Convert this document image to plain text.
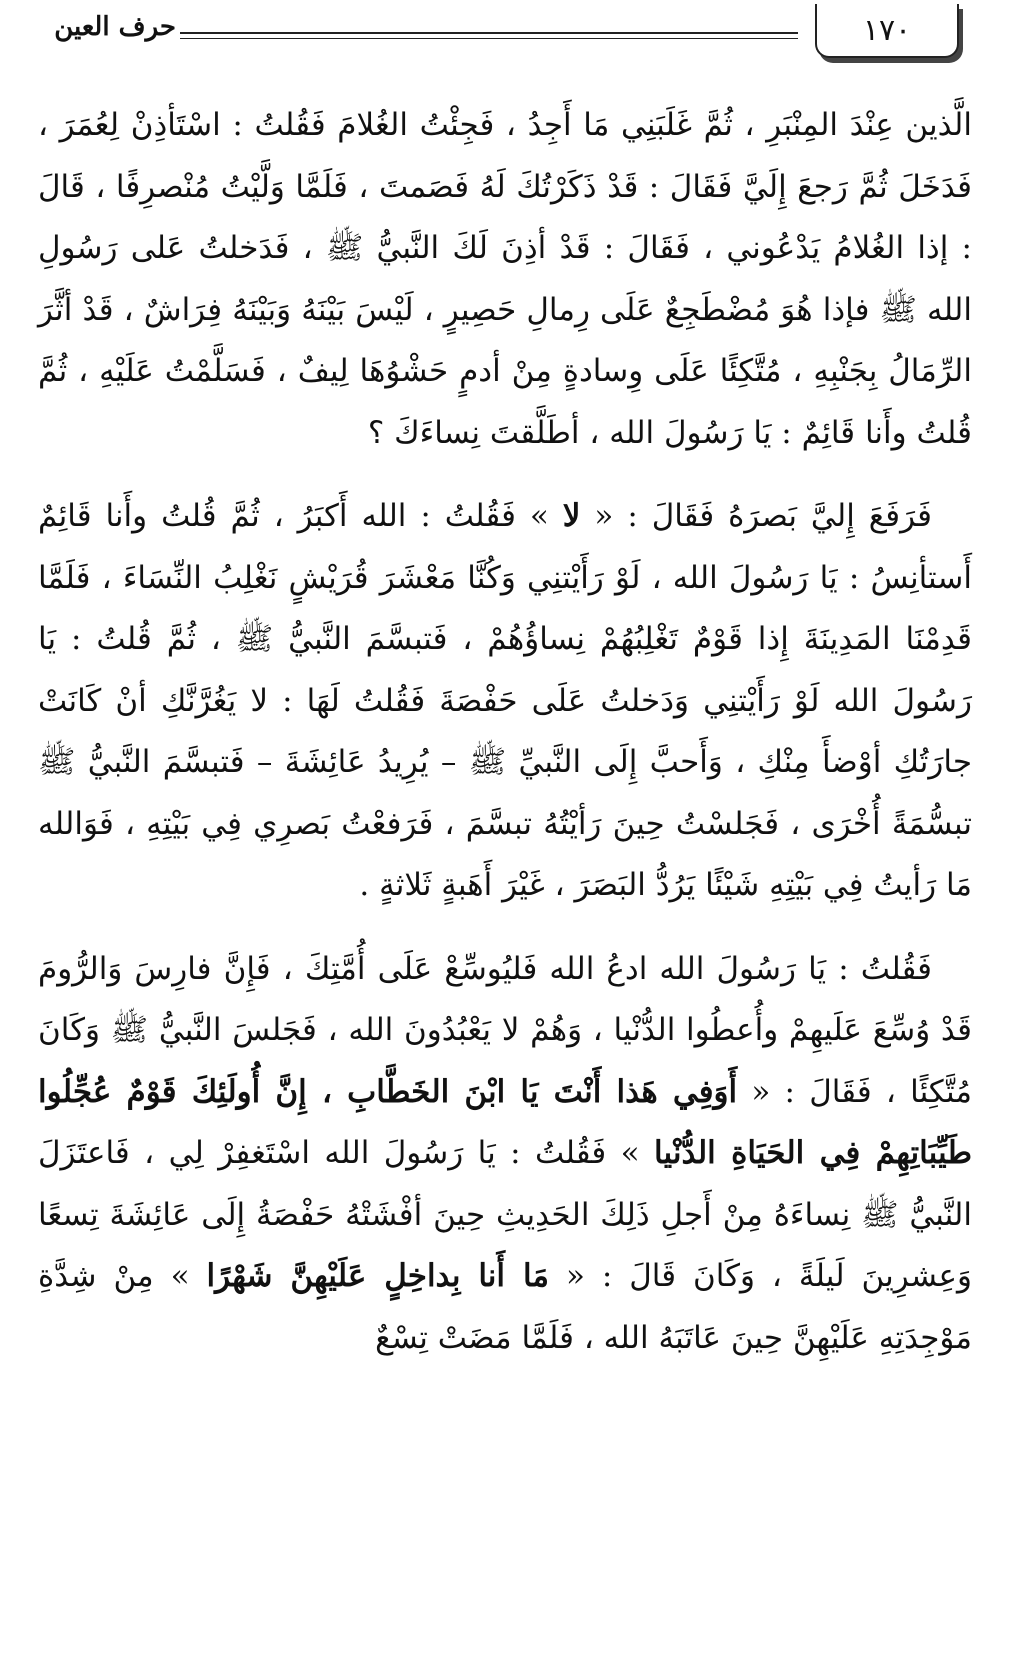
١٧٠
حرف العين

الَّذين عِنْدَ المِنْبَرِ ، ثُمَّ غَلَبَنِي مَا أَجِدُ ، فَجِئْتُ الغُلامَ فَقُلتُ : اسْتَأذِنْ لِعُمَرَ ، فَدَخَلَ ثُمَّ رَجعَ إِلَيَّ فَقَالَ : قَدْ ذَكَرْتُكَ لَهُ فَصَمتَ ، فَلَمَّا وَلَّيْتُ مُنْصرِفًا ، قَالَ : إذا الغُلامُ يَدْعُوني ، فَقَالَ : قَدْ أذِنَ لَكَ النَّبيُّ ﷺ ، فَدَخلتُ عَلى رَسُولِ الله ﷺ فإذا هُوَ مُضْطَجِعٌ عَلَى رِمالِ حَصِيرٍ ، لَيْسَ بَيْنَهُ وَبَيْنَهُ فِرَاشٌ ، قَدْ أثَّرَ الرِّمَالُ بِجَنْبِهِ ، مُتَّكِئًا عَلَى وِسادةٍ مِنْ أدمٍ حَشْوُهَا لِيفٌ ، فَسَلَّمْتُ عَلَيْهِ ، ثُمَّ قُلتُ وأَنا قَائِمٌ : يَا رَسُولَ الله ، أطَلَّقتَ نِساءَكَ ؟

فَرَفَعَ إِليَّ بَصرَهُ فَقَالَ : « لا » فَقُلتُ : الله أَكبَرُ ، ثُمَّ قُلتُ وأَنا قَائِمٌ أَستأنِسُ : يَا رَسُولَ الله ، لَوْ رَأَيْتنِي وَكُنَّا مَعْشَرَ قُرَيْشٍ نَغْلِبُ النِّسَاءَ ، فَلَمَّا قَدِمْنَا المَدِينَةَ إِذا قَوْمٌ تَغْلِبُهُمْ نِساؤُهُمْ ، فَتبسَّمَ النَّبيُّ ﷺ ، ثُمَّ قُلتُ : يَا رَسُولَ الله لَوْ رَأَيْتنِي وَدَخلتُ عَلَى حَفْصَةَ فَقُلتُ لَهَا : لا يَغُرَّنَّكِ أنْ كَانَتْ جارَتُكِ أوْضأَ مِنْكِ ، وَأَحبَّ إِلَى النَّبيِّ ﷺ – يُرِيدُ عَائِشَةَ – فَتبسَّمَ النَّبيُّ ﷺ تبسُّمَةً أُخْرَى ، فَجَلسْتُ حِينَ رَأيْتُهُ تبسَّمَ ، فَرَفعْتُ بَصرِي فِي بَيْتِهِ ، فَوَالله مَا رَأيتُ فِي بَيْتِهِ شَيْئًا يَرُدُّ البَصَرَ ، غَيْرَ أَهَبةٍ ثَلاثةٍ .

فَقُلتُ : يَا رَسُولَ الله ادعُ الله فَليُوسِّعْ عَلَى أُمَّتِكَ ، فَإِنَّ فارِسَ وَالرُّومَ قَدْ وُسِّعَ عَلَيهِمْ وأُعطُوا الدُّنْيا ، وَهُمْ لا يَعْبُدُونَ الله ، فَجَلسَ النَّبيُّ ﷺ وَكَانَ مُتَّكِئًا ، فَقَالَ : « أَوَفِي هَذا أَنْتَ يَا ابْنَ الخَطَّابِ ، إِنَّ أُولَئِكَ قَوْمٌ عُجِّلُوا طَيِّبَاتِهِمْ فِي الحَيَاةِ الدُّنْيا » فَقُلتُ : يَا رَسُولَ الله اسْتَغفِرْ لِي ، فَاعتَزَلَ النَّبيُّ ﷺ نِساءَهُ مِنْ أَجلِ ذَلِكَ الحَدِيثِ حِينَ أفْشَتْهُ حَفْصَةُ إِلَى عَائِشَةَ تِسعًا وَعِشرِينَ لَيلَةً ، وَكَانَ قَالَ : « مَا أَنا بِداخِلٍ عَلَيْهِنَّ شَهْرًا » مِنْ شِدَّةِ مَوْجِدَتِهِ عَلَيْهِنَّ حِينَ عَاتَبَهُ الله ، فَلَمَّا مَضَتْ تِسْعٌ
